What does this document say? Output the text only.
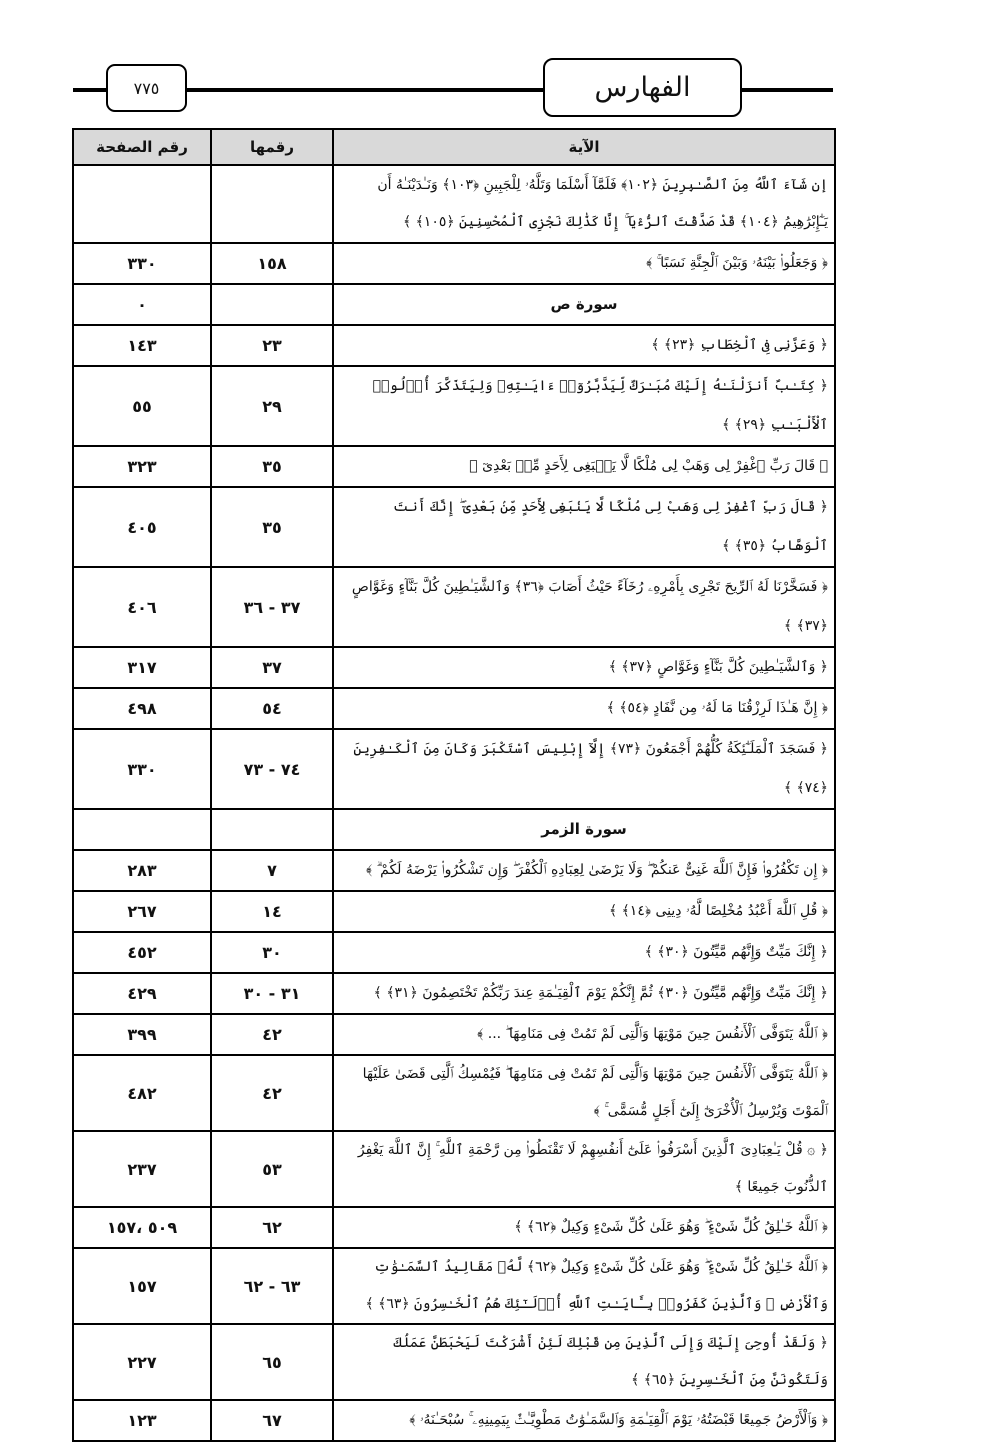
٧٧٥	الفهارس
الآية	رقمها	رقم الصفحة
إن شَآءَ ٱللَّهُ مِنَ ٱلصَّـٰبِرِينَ ﴿١٠٢﴾ فَلَمَّآ أَسْلَمَا وَتَلَّهُۥ لِلْجَبِينِ ﴿١٠٣﴾ وَنَـٰدَيْنَـٰهُ أَن يَـٰٓإِبْرَٰهِيمُ ﴿١٠٤﴾ قَدْ صَدَّقْتَ ٱلرُّءْيَآ ۚ إِنَّا كَذَٰلِكَ نَجْزِى ٱلْمُحْسِنِينَ ﴿١٠٥﴾ ﴾		
﴿ وَجَعَلُوا۟ بَيْنَهُۥ وَبَيْنَ ٱلْجِنَّةِ نَسَبًا ۚ ﴾	١٥٨	٣٣٠
سورة ص		٠
﴿ وَعَزَّنِى فِى ٱلْخِطَابِ ﴿٢٣﴾ ﴾	٢٣	١٤٣
﴿ كِتَـٰبٌ أَنزَلْنَـٰهُ إِلَيْكَ مُبَـٰرَكٌ لِّيَدَّبَّرُوٓا۟ ءَايَـٰتِهِۦ وَلِيَتَذَكَّرَ أُو۟لُوا۟ ٱلْأَلْبَـٰبِ ﴿٢٩﴾ ﴾	٢٩	٥٥
﴿ قَالَ رَبِّ ٱغْفِرْ لِى وَهَبْ لِى مُلْكًا لَّا يَنۢبَغِى لِأَحَدٍ مِّنۢ بَعْدِىٓ ﴾	٣٥	٣٢٣
﴿ قَالَ رَبِّ ٱغْفِرْ لِى وَهَبْ لِى مُلْكًا لَّا يَنۢبَغِى لِأَحَدٍ مِّنۢ بَعْدِىٓ ۖ إِنَّكَ أَنتَ ٱلْوَهَّابُ ﴿٣٥﴾ ﴾	٣٥	٤٠٥
﴿ فَسَخَّرْنَا لَهُ ٱلرِّيحَ تَجْرِى بِأَمْرِهِۦ رُخَآءً حَيْثُ أَصَابَ ﴿٣٦﴾ وَٱلشَّيَـٰطِينَ كُلَّ بَنَّآءٍ وَغَوَّاصٍ ﴿٣٧﴾ ﴾	٣٧ - ٣٦	٤٠٦
﴿ وَٱلشَّيَـٰطِينَ كُلَّ بَنَّآءٍ وَغَوَّاصٍ ﴿٣٧﴾ ﴾	٣٧	٣١٧
﴿ إِنَّ هَـٰذَا لَرِزْقُنَا مَا لَهُۥ مِن نَّفَادٍ ﴿٥٤﴾ ﴾	٥٤	٤٩٨
﴿ فَسَجَدَ ٱلْمَلَـٰٓئِكَةُ كُلُّهُمْ أَجْمَعُونَ ﴿٧٣﴾ إِلَّآ إِبْلِيسَ ٱسْتَكْبَرَ وَكَانَ مِنَ ٱلْكَـٰفِرِينَ ﴿٧٤﴾ ﴾	٧٤ - ٧٣	٣٣٠
سورة الزمر		
﴿ إِن تَكْفُرُوا۟ فَإِنَّ ٱللَّهَ غَنِىٌّ عَنكُمْ ۖ وَلَا يَرْضَىٰ لِعِبَادِهِ ٱلْكُفْرَ ۖ وَإِن تَشْكُرُوا۟ يَرْضَهُ لَكُمْ ۗ ﴾	٧	٢٨٣
﴿ قُلِ ٱللَّهَ أَعْبُدُ مُخْلِصًا لَّهُۥ دِينِى ﴿١٤﴾ ﴾	١٤	٢٦٧
﴿ إِنَّكَ مَيِّتٌ وَإِنَّهُم مَّيِّتُونَ ﴿٣٠﴾ ﴾	٣٠	٤٥٢
﴿ إِنَّكَ مَيِّتٌ وَإِنَّهُم مَّيِّتُونَ ﴿٣٠﴾ ثُمَّ إِنَّكُمْ يَوْمَ ٱلْقِيَـٰمَةِ عِندَ رَبِّكُمْ تَخْتَصِمُونَ ﴿٣١﴾ ﴾	٣١ - ٣٠	٤٢٩
﴿ ٱللَّهُ يَتَوَفَّى ٱلْأَنفُسَ حِينَ مَوْتِهَا وَٱلَّتِى لَمْ تَمُتْ فِى مَنَامِهَا ۖ ... ﴾	٤٢	٣٩٩
﴿ ٱللَّهُ يَتَوَفَّى ٱلْأَنفُسَ حِينَ مَوْتِهَا وَٱلَّتِى لَمْ تَمُتْ فِى مَنَامِهَا ۖ فَيُمْسِكُ ٱلَّتِى قَضَىٰ عَلَيْهَا ٱلْمَوْتَ وَيُرْسِلُ ٱلْأُخْرَىٰٓ إِلَىٰٓ أَجَلٍ مُّسَمًّى ۚ ﴾	٤٢	٤٨٢
﴿ ۞ قُلْ يَـٰعِبَادِىَ ٱلَّذِينَ أَسْرَفُوا۟ عَلَىٰٓ أَنفُسِهِمْ لَا تَقْنَطُوا۟ مِن رَّحْمَةِ ٱللَّهِ ۚ إِنَّ ٱللَّهَ يَغْفِرُ ٱلذُّنُوبَ جَمِيعًا ﴾	٥٣	٢٣٧
﴿ ٱللَّهُ خَـٰلِقُ كُلِّ شَىْءٍ ۖ وَهُوَ عَلَىٰ كُلِّ شَىْءٍ وَكِيلٌ ﴿٦٢﴾ ﴾	٦٢	٥٠٩ ،١٥٧
﴿ ٱللَّهُ خَـٰلِقُ كُلِّ شَىْءٍ ۖ وَهُوَ عَلَىٰ كُلِّ شَىْءٍ وَكِيلٌ ﴿٦٢﴾ لَّهُۥ مَقَالِيدُ ٱلسَّمَـٰوَٰتِ وَٱلْأَرْضِ ۗ وَٱلَّذِينَ كَفَرُوا۟ بِـَٔايَـٰتِ ٱللَّهِ أُو۟لَـٰٓئِكَ هُمُ ٱلْخَـٰسِرُونَ ﴿٦٣﴾ ﴾	٦٣ - ٦٢	١٥٧
﴿ وَلَقَدْ أُوحِىَ إِلَيْكَ وَإِلَى ٱلَّذِينَ مِن قَبْلِكَ لَئِنْ أَشْرَكْتَ لَيَحْبَطَنَّ عَمَلُكَ وَلَتَكُونَنَّ مِنَ ٱلْخَـٰسِرِينَ ﴿٦٥﴾ ﴾	٦٥	٢٢٧
﴿ وَٱلْأَرْضُ جَمِيعًا قَبْضَتُهُۥ يَوْمَ ٱلْقِيَـٰمَةِ وَٱلسَّمَـٰوَٰتُ مَطْوِيَّـٰتٌۢ بِيَمِينِهِۦ ۚ سُبْحَـٰنَهُۥ ﴾	٦٧	١٢٣
